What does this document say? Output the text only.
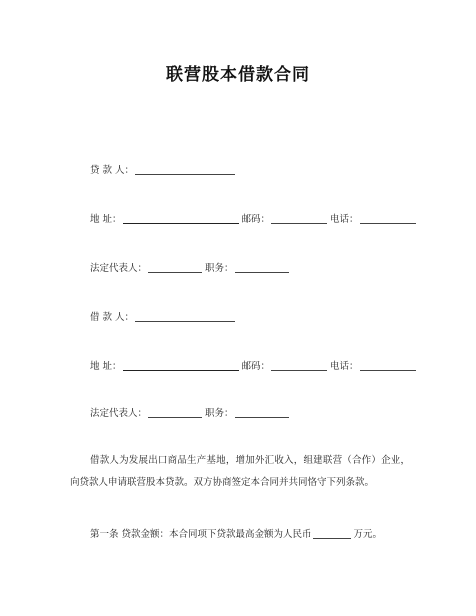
联营股本借款合同
贷 款 人：
地 址：	邮码：	电话：
法定代表人：	职务：
借 款 人：
地 址：	邮码：	电话：
法定代表人：	职务：
借款人为发展出口商品生产基地，增加外汇收入，组建联营（合作）企业，向贷款人申请联营股本贷款。双方协商签定本合同并共同恪守下列条款。
第一条 贷款金额：本合同项下贷款最高金额为人民币	万元。
